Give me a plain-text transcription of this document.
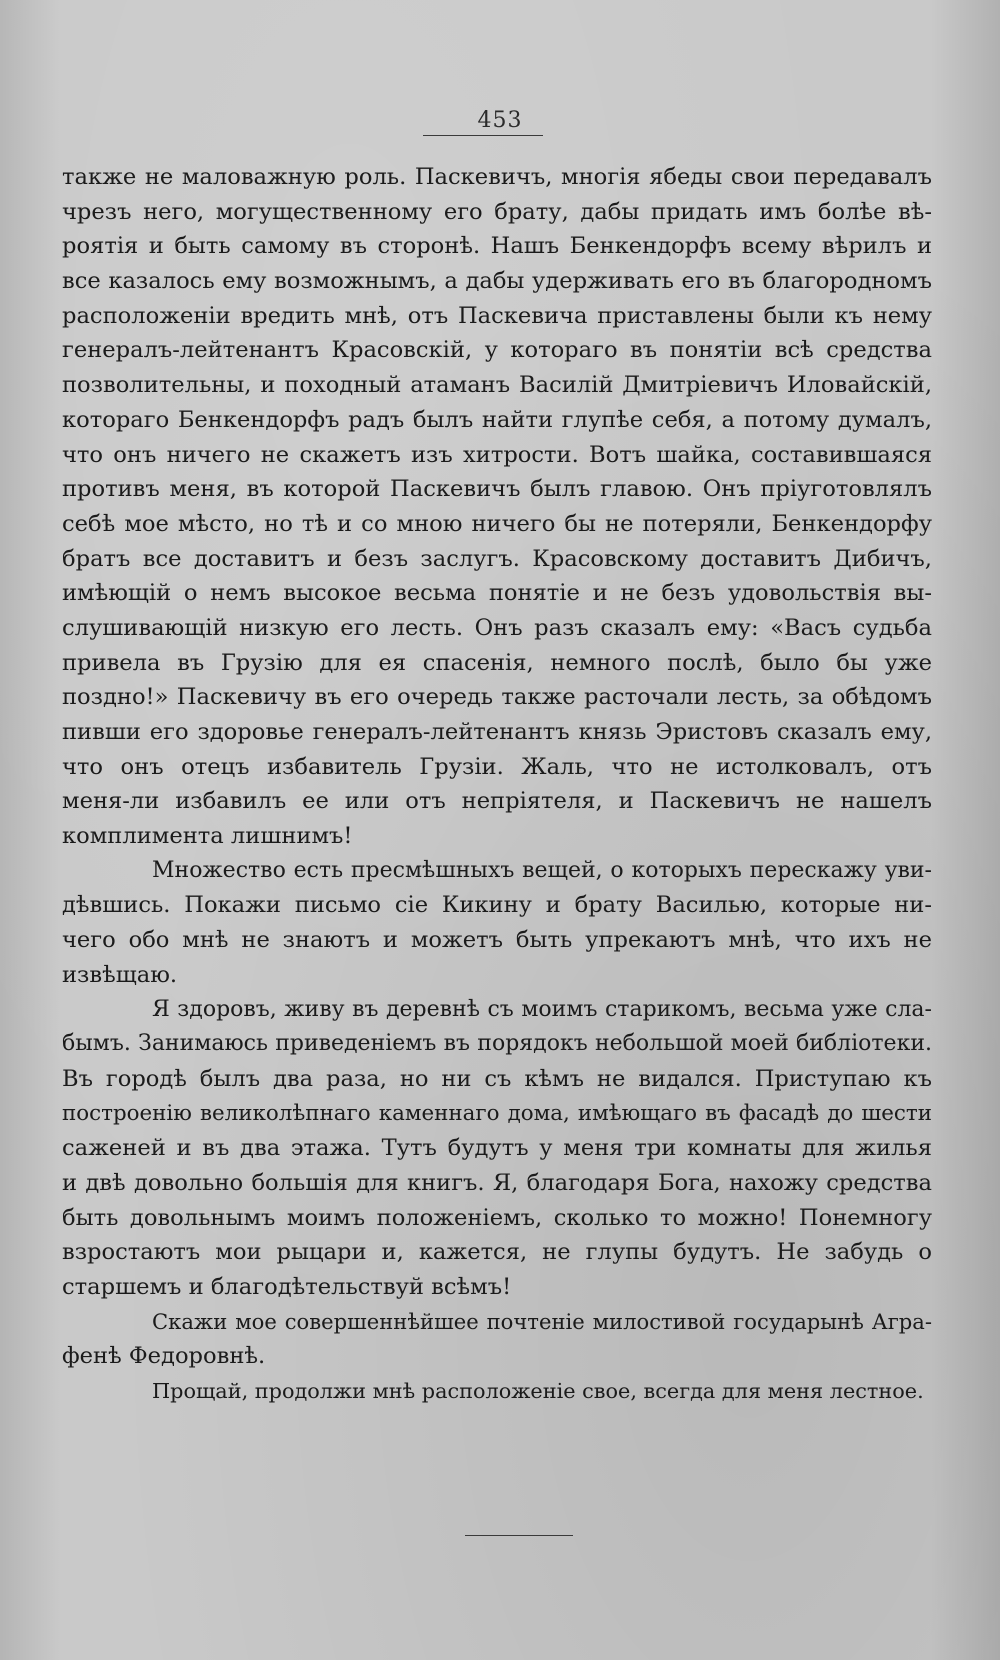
453
также не маловажную роль. Паскевичъ, многія ябеды свои передавалъ
чрезъ него, могущественному его брату, дабы придать имъ болѣе вѣ-
роятія и быть самому въ сторонѣ. Нашъ Бенкендорфъ всему вѣрилъ и
все казалось ему возможнымъ, а дабы удерживать его въ благородномъ
расположеніи вредить мнѣ, отъ Паскевича приставлены были къ нему
генералъ-лейтенантъ Красовскій, у котораго въ понятіи всѣ средства
позволительны, и походный атаманъ Василій Дмитріевичъ Иловайскій,
котораго Бенкендорфъ радъ былъ найти глупѣе себя, а потому думалъ,
что онъ ничего не скажетъ изъ хитрости. Вотъ шайка, составившаяся
противъ меня, въ которой Паскевичъ былъ главою. Онъ пріуготовлялъ
себѣ мое мѣсто, но тѣ и со мною ничего бы не потеряли, Бенкендорфу
братъ все доставитъ и безъ заслугъ. Красовскому доставитъ Дибичъ,
имѣющій о немъ высокое весьма понятіе и не безъ удовольствія вы-
слушивающій низкую его лесть. Онъ разъ сказалъ ему: «Васъ судьба
привела въ Грузію для ея спасенія, немного послѣ, было бы уже
поздно!» Паскевичу въ его очередь также расточали лесть, за обѣдомъ
пивши его здоровье генералъ-лейтенантъ князь Эристовъ сказалъ ему,
что онъ отецъ избавитель Грузіи. Жаль, что не истолковалъ, отъ
меня-ли избавилъ ее или отъ непріятеля, и Паскевичъ не нашелъ
комплимента лишнимъ!
Множество есть пресмѣшныхъ вещей, о которыхъ перескажу уви-
дѣвшись. Покажи письмо сіе Кикину и брату Василью, которые ни-
чего обо мнѣ не знаютъ и можетъ быть упрекаютъ мнѣ, что ихъ не
извѣщаю.
Я здоровъ, живу въ деревнѣ съ моимъ старикомъ, весьма уже сла-
бымъ. Занимаюсь приведеніемъ въ порядокъ небольшой моей библіотеки.
Въ городѣ былъ два раза, но ни съ кѣмъ не видался. Приступаю къ
построенію великолѣпнаго каменнаго дома, имѣющаго въ фасадѣ до шести
саженей и въ два этажа. Тутъ будутъ у меня три комнаты для жилья
и двѣ довольно большія для книгъ. Я, благодаря Бога, нахожу средства
быть довольнымъ моимъ положеніемъ, сколько то можно! Понемногу
взростаютъ мои рыцари и, кажется, не глупы будутъ. Не забудь о
старшемъ и благодѣтельствуй всѣмъ!
Скажи мое совершеннѣйшее почтеніе милостивой государынѣ Агра-
фенѣ Федоровнѣ.
Прощай, продолжи мнѣ расположеніе свое, всегда для меня лестное.
